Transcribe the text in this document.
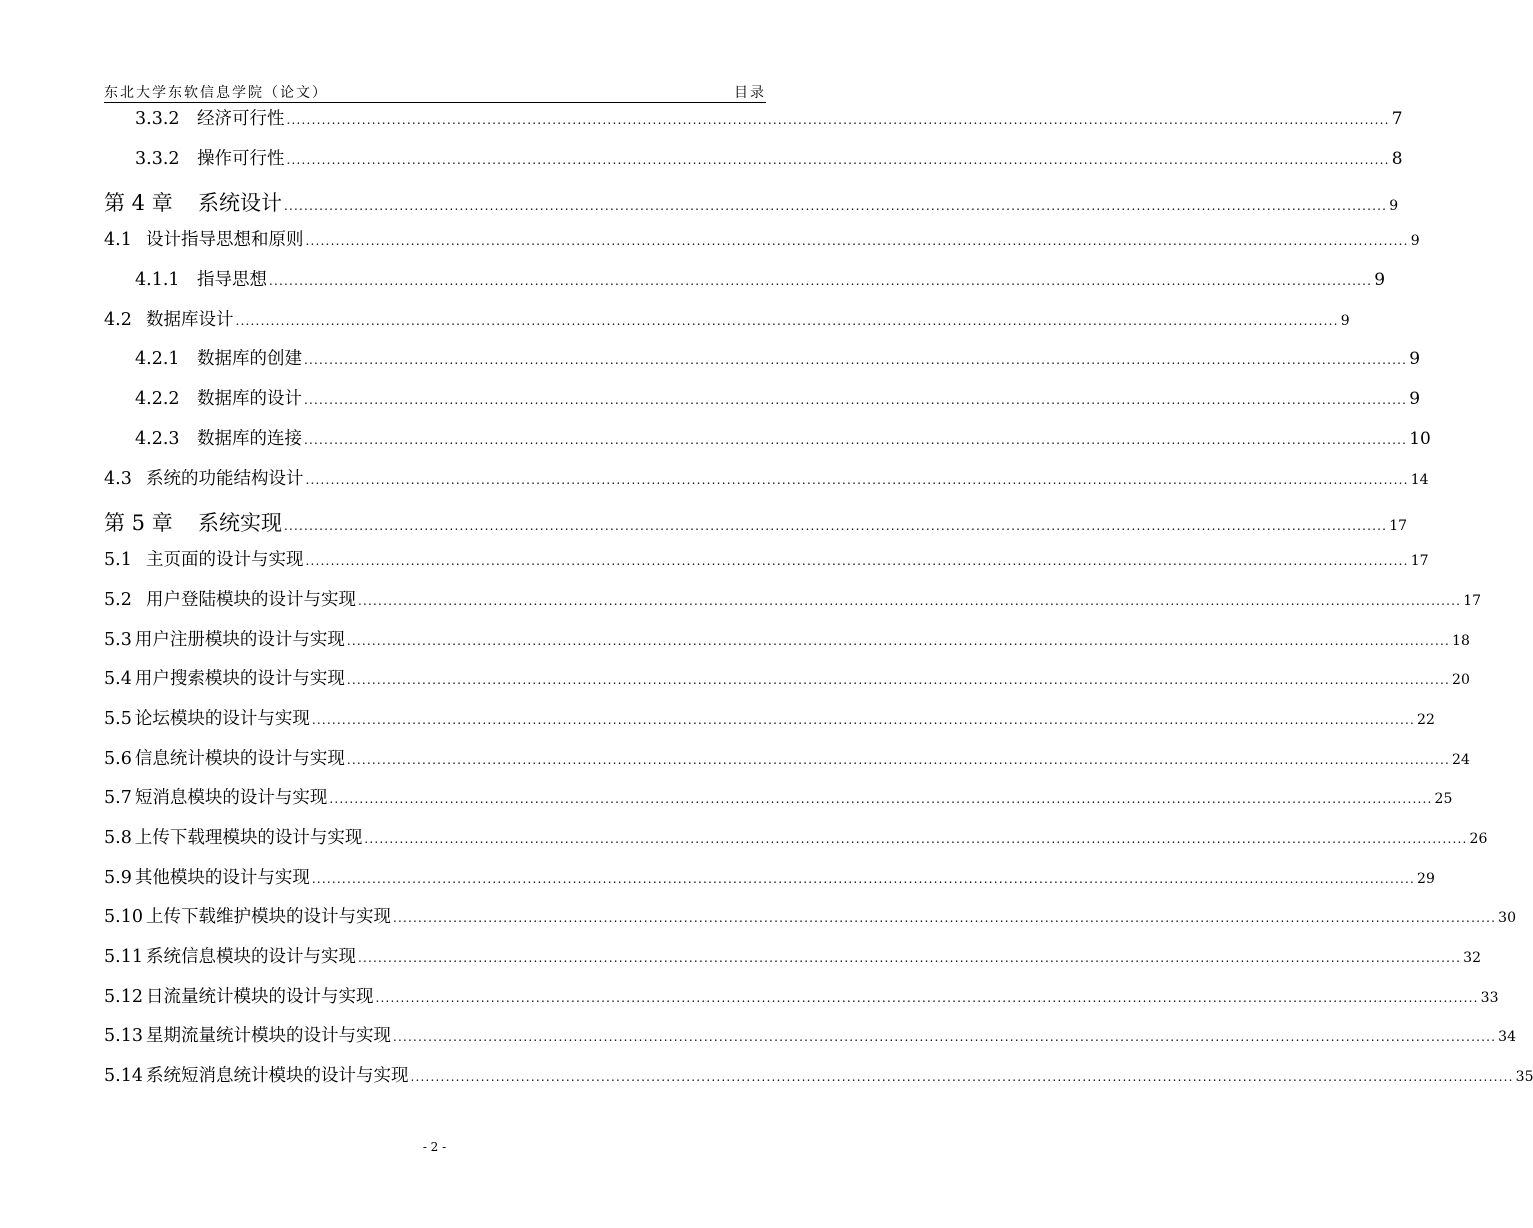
东北大学东软信息学院（论文）	目录
3.3.2 经济可行性 ............................................................................................................................................................................................................................ 7
3.3.2 操作可行性 ............................................................................................................................................................................................................................ 8
第 4 章 系统设计 ............................................................................................................................................................................................................................ 9
4.1 设计指导思想和原则 ............................................................................................................................................................................................................................ 9
4.1.1 指导思想 ............................................................................................................................................................................................................................ 9
4.2 数据库设计 ............................................................................................................................................................................................................................ 9
4.2.1 数据库的创建 ............................................................................................................................................................................................................................ 9
4.2.2 数据库的设计 ............................................................................................................................................................................................................................ 9
4.2.3 数据库的连接 ............................................................................................................................................................................................................................ 10
4.3 系统的功能结构设计 ............................................................................................................................................................................................................................ 14
第 5 章 系统实现 ............................................................................................................................................................................................................................ 17
5.1 主页面的设计与实现 ............................................................................................................................................................................................................................ 17
5.2 用户登陆模块的设计与实现 ............................................................................................................................................................................................................................ 17
5.3 用户注册模块的设计与实现 ............................................................................................................................................................................................................................ 18
5.4 用户搜索模块的设计与实现 ............................................................................................................................................................................................................................ 20
5.5 论坛模块的设计与实现 ............................................................................................................................................................................................................................ 22
5.6 信息统计模块的设计与实现 ............................................................................................................................................................................................................................ 24
5.7 短消息模块的设计与实现 ............................................................................................................................................................................................................................ 25
5.8 上传下载理模块的设计与实现 ............................................................................................................................................................................................................................ 26
5.9 其他模块的设计与实现 ............................................................................................................................................................................................................................ 29
5.10 上传下载维护模块的设计与实现 ............................................................................................................................................................................................................................ 30
5.11 系统信息模块的设计与实现 ............................................................................................................................................................................................................................ 32
5.12 日流量统计模块的设计与实现 ............................................................................................................................................................................................................................ 33
5.13 星期流量统计模块的设计与实现 ............................................................................................................................................................................................................................ 34
5.14 系统短消息统计模块的设计与实现 ............................................................................................................................................................................................................................ 35
- 2 -
